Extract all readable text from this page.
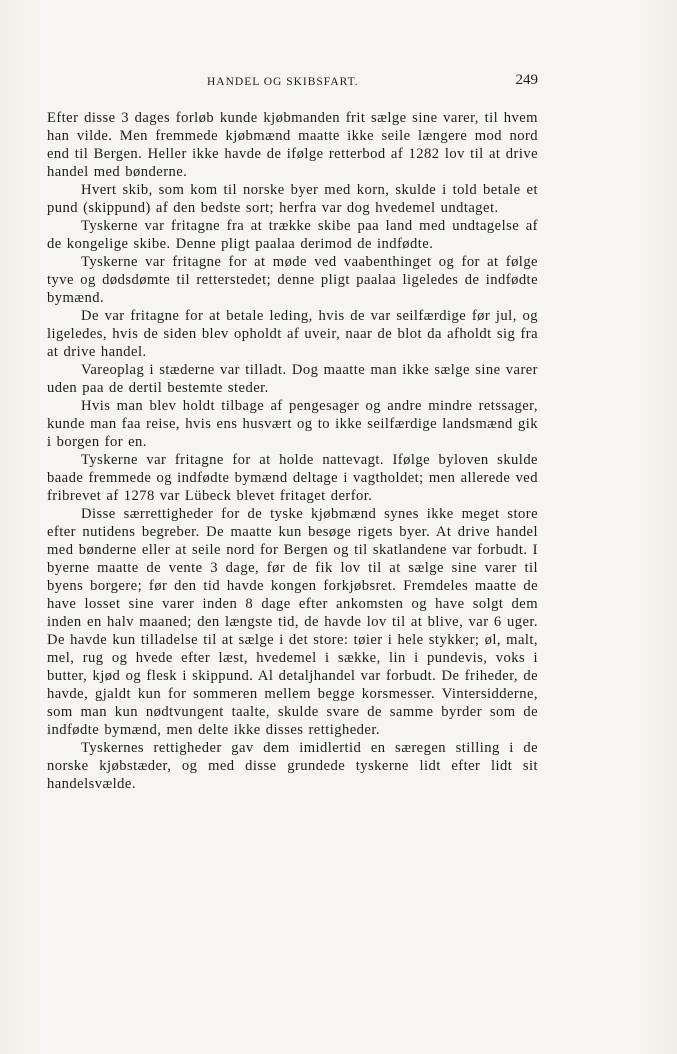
HANDEL OG SKIBSFART.	249

Efter disse 3 dages forløb kunde kjøbmanden frit sælge sine varer, til hvem han vilde. Men fremmede kjøbmænd maatte ikke seile længere mod nord end til Bergen. Heller ikke havde de ifølge retterbod af 1282 lov til at drive handel med bønderne.

Hvert skib, som kom til norske byer med korn, skulde i told betale et pund (skippund) af den bedste sort; herfra var dog hvedemel undtaget.

Tyskerne var fritagne fra at trække skibe paa land med undtagelse af de kongelige skibe. Denne pligt paalaa derimod de indfødte.

Tyskerne var fritagne for at møde ved vaabenthinget og for at følge tyve og dødsdømte til retterstedet; denne pligt paalaa ligeledes de indfødte bymænd.

De var fritagne for at betale leding, hvis de var seilfærdige før jul, og ligeledes, hvis de siden blev opholdt af uveir, naar de blot da afholdt sig fra at drive handel.

Vareoplag i stæderne var tilladt. Dog maatte man ikke sælge sine varer uden paa de dertil bestemte steder.

Hvis man blev holdt tilbage af pengesager og andre mindre retssager, kunde man faa reise, hvis ens husvært og to ikke seilfærdige landsmænd gik i borgen for en.

Tyskerne var fritagne for at holde nattevagt. Ifølge byloven skulde baade fremmede og indfødte bymænd deltage i vagtholdet; men allerede ved fribrevet af 1278 var Lübeck blevet fritaget derfor.

Disse særrettigheder for de tyske kjøbmænd synes ikke meget store efter nutidens begreber. De maatte kun besøge rigets byer. At drive handel med bønderne eller at seile nord for Bergen og til skatlandene var forbudt. I byerne maatte de vente 3 dage, før de fik lov til at sælge sine varer til byens borgere; før den tid havde kongen forkjøbsret. Fremdeles maatte de have losset sine varer inden 8 dage efter ankomsten og have solgt dem inden en halv maaned; den længste tid, de havde lov til at blive, var 6 uger. De havde kun tilladelse til at sælge i det store: tøier i hele stykker; øl, malt, mel, rug og hvede efter læst, hvedemel i sække, lin i pundevis, voks i butter, kjød og flesk i skippund. Al detaljhandel var forbudt. De friheder, de havde, gjaldt kun for sommeren mellem begge korsmesser. Vintersidderne, som man kun nødtvungent taalte, skulde svare de samme byrder som de indfødte bymænd, men delte ikke disses rettigheder.

Tyskernes rettigheder gav dem imidlertid en særegen stilling i de norske kjøbstæder, og med disse grundede tyskerne lidt efter lidt sit handelsvælde.
